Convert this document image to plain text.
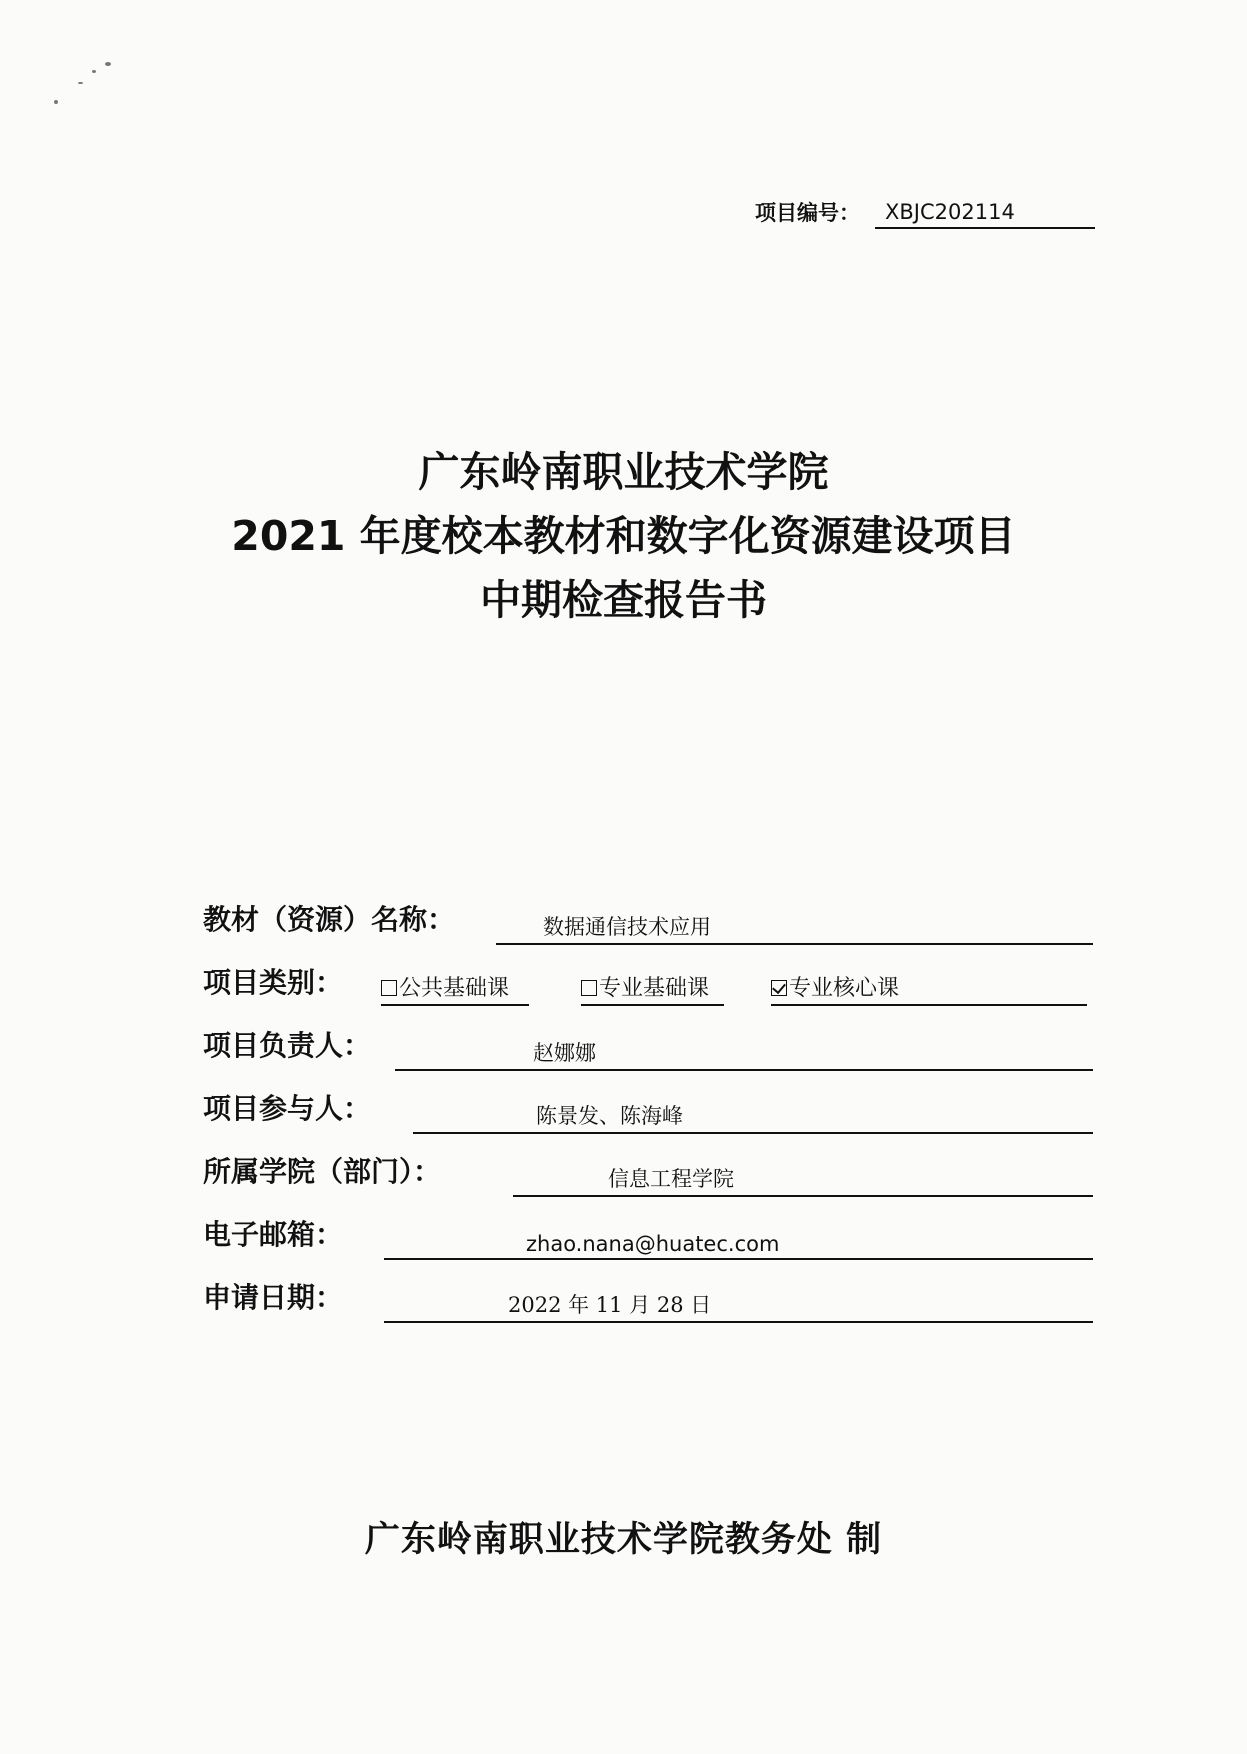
项目编号：	XBJC202114
广东岭南职业技术学院
2021 年度校本教材和数字化资源建设项目
中期检查报告书
教材（资源）名称：	数据通信技术应用
项目类别：	公共基础课	专业基础课	专业核心课
项目负责人：	赵娜娜
项目参与人：	陈景发、陈海峰
所属学院（部门）：	信息工程学院
电子邮箱：	zhao.nana@huatec.com
申请日期：	2022 年 11 月 28 日
广东岭南职业技术学院教务处 制
